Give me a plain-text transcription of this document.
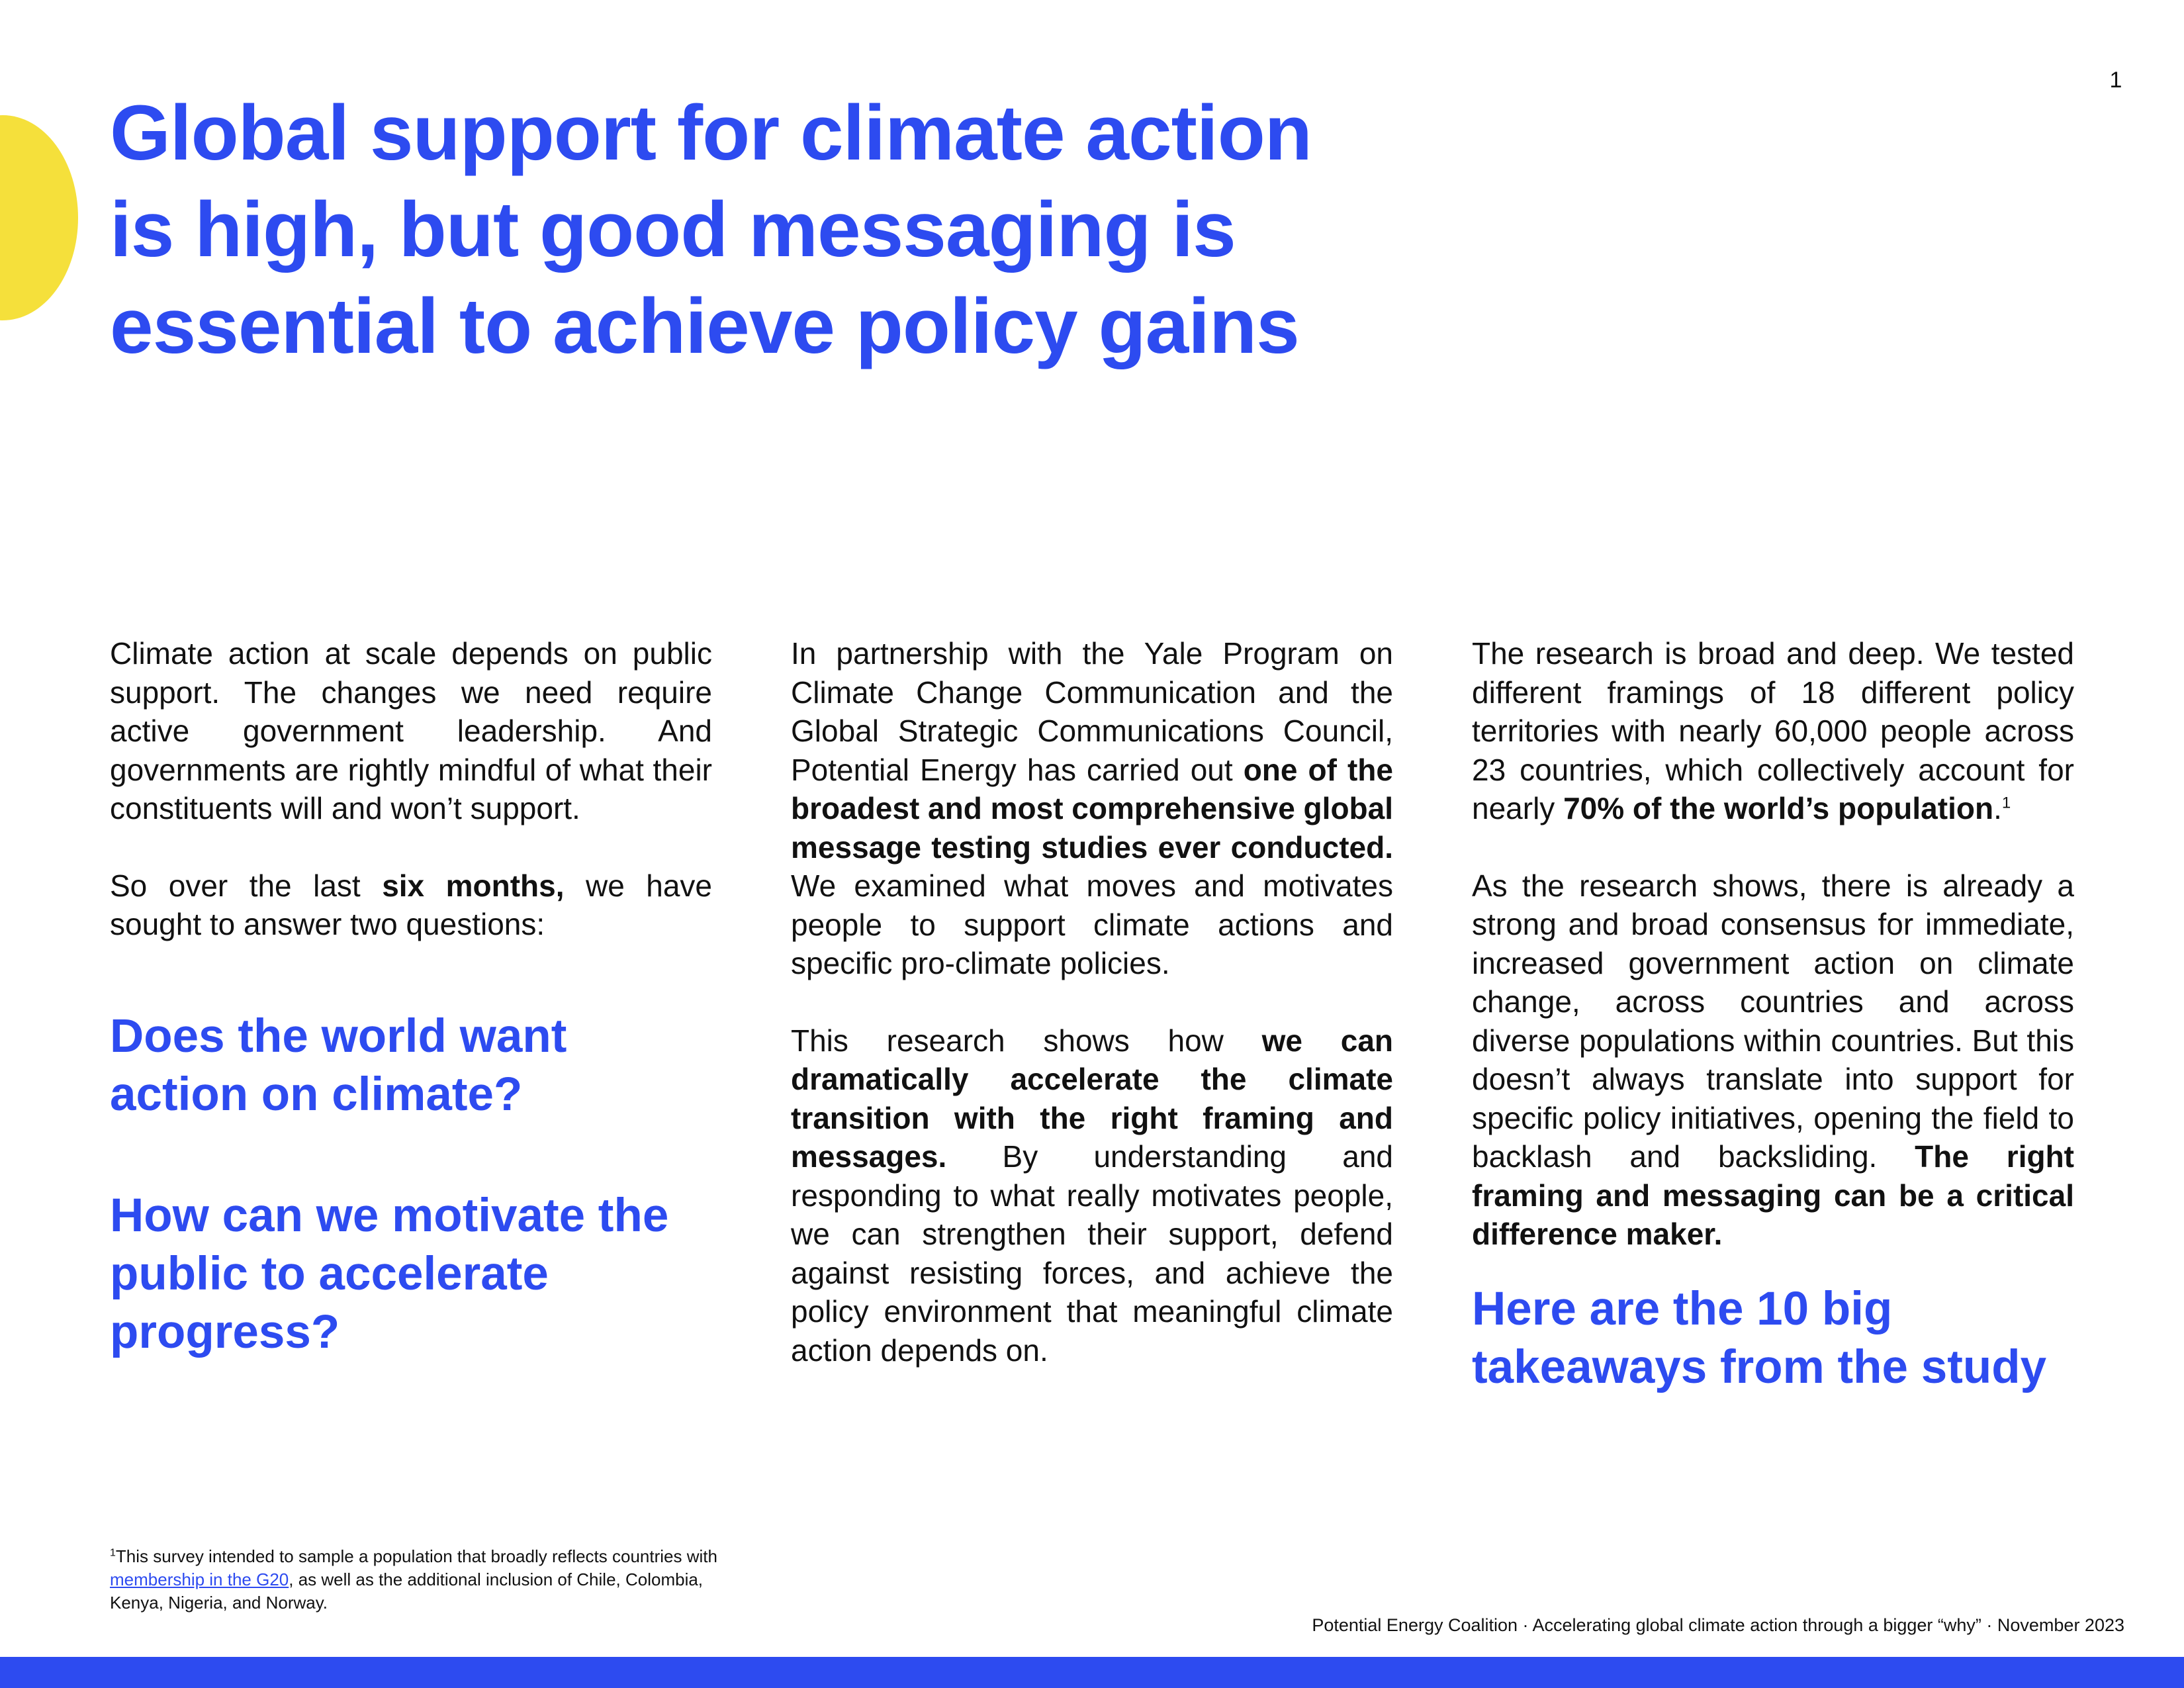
1
Global support for climate action
is high, but good messaging is
essential to achieve policy gains

Climate action at scale depends on public support. The changes we need require active government leadership. And governments are rightly mindful of what their constituents will and won’t support.

So over the last six months, we have sought to answer two questions:

Does the world want action on climate?

How can we motivate the public to accelerate progress?

In partnership with the Yale Program on Climate Change Communication and the Global Strategic Communications Council, Potential Energy has carried out one of the broadest and most comprehensive global message testing studies ever conducted. We examined what moves and motivates people to support climate actions and specific pro-climate policies.

This research shows how we can dramatically accelerate the climate transition with the right framing and messages. By understanding and responding to what really motivates people, we can strengthen their support, defend against resisting forces, and achieve the policy environment that meaningful climate action depends on.

The research is broad and deep. We tested different framings of 18 different policy territories with nearly 60,000 people across 23 countries, which collectively account for nearly 70% of the world’s population.$^1$

As the research shows, there is already a strong and broad consensus for immediate, increased government action on climate change, across countries and across diverse populations within countries. But this doesn’t always translate into support for specific policy initiatives, opening the field to backlash and backsliding. The right framing and messaging can be a critical difference maker.

Here are the 10 big takeaways from the study

$^1$This survey intended to sample a population that broadly reflects countries with membership in the G20, as well as the additional inclusion of Chile, Colombia, Kenya, Nigeria, and Norway.
Potential Energy Coalition · Accelerating global climate action through a bigger “why” · November 2023
